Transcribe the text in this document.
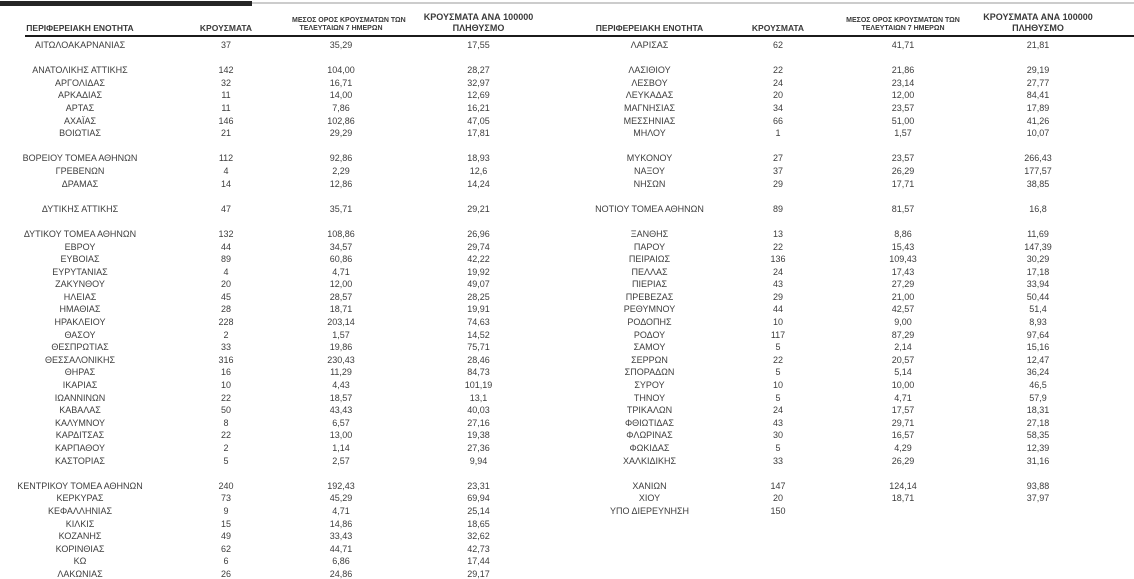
ΠΕΡΙΦΕΡΕΙΑΚΗ ΕΝΟΤΗΤΑ	ΚΡΟΥΣΜΑΤΑ
ΜΕΣΟΣ ΟΡΟΣ ΚΡΟΥΣΜΑΤΩΝ ΤΩΝ
ΤΕΛΕΥΤΑΙΩΝ 7 ΗΜΕΡΩΝ
ΚΡΟΥΣΜΑΤΑ ΑΝΑ 100000
ΠΛΗΘΥΣΜΟ
ΑΙΤΩΛΟΑΚΑΡΝΑΝΙΑΣ	37	35,29	17,55
ΑΝΑΤΟΛΙΚΗΣ ΑΤΤΙΚΗΣ	142	104,00	28,27
ΑΡΓΟΛΙΔΑΣ	32	16,71	32,97
ΑΡΚΑΔΙΑΣ	11	14,00	12,69
ΑΡΤΑΣ	11	7,86	16,21
ΑΧΑΪΑΣ	146	102,86	47,05
ΒΟΙΩΤΙΑΣ	21	29,29	17,81
ΒΟΡΕΙΟΥ ΤΟΜΕΑ ΑΘΗΝΩΝ	112	92,86	18,93
ΓΡΕΒΕΝΩΝ	4	2,29	12,6
ΔΡΑΜΑΣ	14	12,86	14,24
ΔΥΤΙΚΗΣ ΑΤΤΙΚΗΣ	47	35,71	29,21
ΔΥΤΙΚΟΥ ΤΟΜΕΑ ΑΘΗΝΩΝ	132	108,86	26,96
ΕΒΡΟΥ	44	34,57	29,74
ΕΥΒΟΙΑΣ	89	60,86	42,22
ΕΥΡΥΤΑΝΙΑΣ	4	4,71	19,92
ΖΑΚΥΝΘΟΥ	20	12,00	49,07
ΗΛΕΙΑΣ	45	28,57	28,25
ΗΜΑΘΙΑΣ	28	18,71	19,91
ΗΡΑΚΛΕΙΟΥ	228	203,14	74,63
ΘΑΣΟΥ	2	1,57	14,52
ΘΕΣΠΡΩΤΙΑΣ	33	19,86	75,71
ΘΕΣΣΑΛΟΝΙΚΗΣ	316	230,43	28,46
ΘΗΡΑΣ	16	11,29	84,73
ΙΚΑΡΙΑΣ	10	4,43	101,19
ΙΩΑΝΝΙΝΩΝ	22	18,57	13,1
ΚΑΒΑΛΑΣ	50	43,43	40,03
ΚΑΛΥΜΝΟΥ	8	6,57	27,16
ΚΑΡΔΙΤΣΑΣ	22	13,00	19,38
ΚΑΡΠΑΘΟΥ	2	1,14	27,36
ΚΑΣΤΟΡΙΑΣ	5	2,57	9,94
ΚΕΝΤΡΙΚΟΥ ΤΟΜΕΑ ΑΘΗΝΩΝ	240	192,43	23,31
ΚΕΡΚΥΡΑΣ	73	45,29	69,94
ΚΕΦΑΛΛΗΝΙΑΣ	9	4,71	25,14
ΚΙΛΚΙΣ	15	14,86	18,65
ΚΟΖΑΝΗΣ	49	33,43	32,62
ΚΟΡΙΝΘΙΑΣ	62	44,71	42,73
ΚΩ	6	6,86	17,44
ΛΑΚΩΝΙΑΣ	26	24,86	29,17
ΠΕΡΙΦΕΡΕΙΑΚΗ ΕΝΟΤΗΤΑ	ΚΡΟΥΣΜΑΤΑ
ΜΕΣΟΣ ΟΡΟΣ ΚΡΟΥΣΜΑΤΩΝ ΤΩΝ
ΤΕΛΕΥΤΑΙΩΝ 7 ΗΜΕΡΩΝ
ΚΡΟΥΣΜΑΤΑ ΑΝΑ 100000
ΠΛΗΘΥΣΜΟ
ΛΑΡΙΣΑΣ	62	41,71	21,81
ΛΑΣΙΘΙΟΥ	22	21,86	29,19
ΛΕΣΒΟΥ	24	23,14	27,77
ΛΕΥΚΑΔΑΣ	20	12,00	84,41
ΜΑΓΝΗΣΙΑΣ	34	23,57	17,89
ΜΕΣΣΗΝΙΑΣ	66	51,00	41,26
ΜΗΛΟΥ	1	1,57	10,07
ΜΥΚΟΝΟΥ	27	23,57	266,43
ΝΑΞΟΥ	37	26,29	177,57
ΝΗΣΩΝ	29	17,71	38,85
ΝΟΤΙΟΥ ΤΟΜΕΑ ΑΘΗΝΩΝ	89	81,57	16,8
ΞΑΝΘΗΣ	13	8,86	11,69
ΠΑΡΟΥ	22	15,43	147,39
ΠΕΙΡΑΙΩΣ	136	109,43	30,29
ΠΕΛΛΑΣ	24	17,43	17,18
ΠΙΕΡΙΑΣ	43	27,29	33,94
ΠΡΕΒΕΖΑΣ	29	21,00	50,44
ΡΕΘΥΜΝΟΥ	44	42,57	51,4
ΡΟΔΟΠΗΣ	10	9,00	8,93
ΡΟΔΟΥ	117	87,29	97,64
ΣΑΜΟΥ	5	2,14	15,16
ΣΕΡΡΩΝ	22	20,57	12,47
ΣΠΟΡΑΔΩΝ	5	5,14	36,24
ΣΥΡΟΥ	10	10,00	46,5
ΤΗΝΟΥ	5	4,71	57,9
ΤΡΙΚΑΛΩΝ	24	17,57	18,31
ΦΘΙΩΤΙΔΑΣ	43	29,71	27,18
ΦΛΩΡΙΝΑΣ	30	16,57	58,35
ΦΩΚΙΔΑΣ	5	4,29	12,39
ΧΑΛΚΙΔΙΚΗΣ	33	26,29	31,16
ΧΑΝΙΩΝ	147	124,14	93,88
ΧΙΟΥ	20	18,71	37,97
ΥΠΟ ΔΙΕΡΕΥΝΗΣΗ	150
